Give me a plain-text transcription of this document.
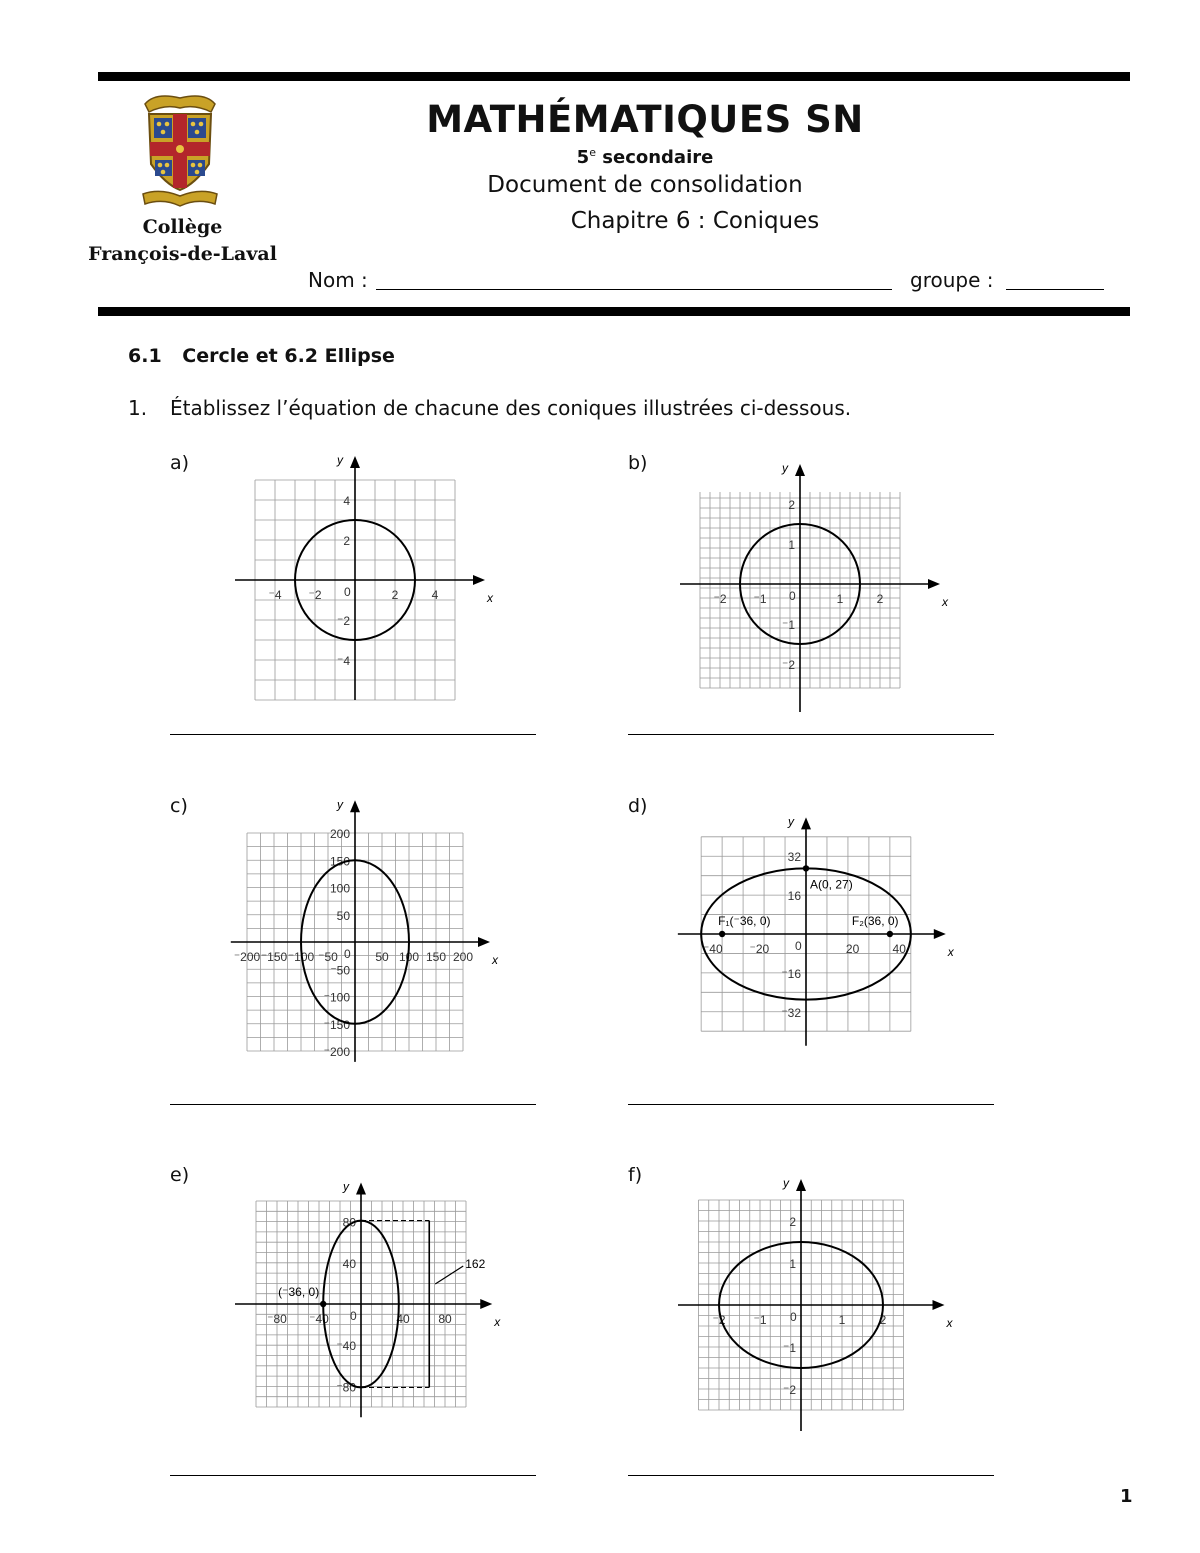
Collège
François-de-Laval
MATHÉMATIQUES SN
5e secondaire
Document de consolidation
Chapitre 6 : Coniques
Nom :	groupe :
6.1 Cercle et 6.2 Ellipse
1. Établissez l’équation de chacune des coniques illustrées ci-dessous.
a)	b)
c)	d)
e)	f)
x
y
0
⁻4 ⁻2	2	4
4
2
⁻2
⁻4
x
y
0
⁻2 ⁻1	1	2
2
1
⁻1
⁻2
x
y
0
⁻200 ⁻150 ⁻100 ⁻50	50 100 150 200
200
150
100
50
⁻50
⁻100
⁻150
⁻200
x
y
0
⁻40 ⁻20	20	40
32
16
⁻16
⁻32
A(0, 27)
F₁(⁻36, 0)	F₂(36, 0)
x
y
0
⁻80 ⁻40	40 80
80
40
⁻40
⁻80
(⁻36, 0)
162
x
y
0
⁻2 ⁻1	1	2
2
1
⁻1
⁻2
1
